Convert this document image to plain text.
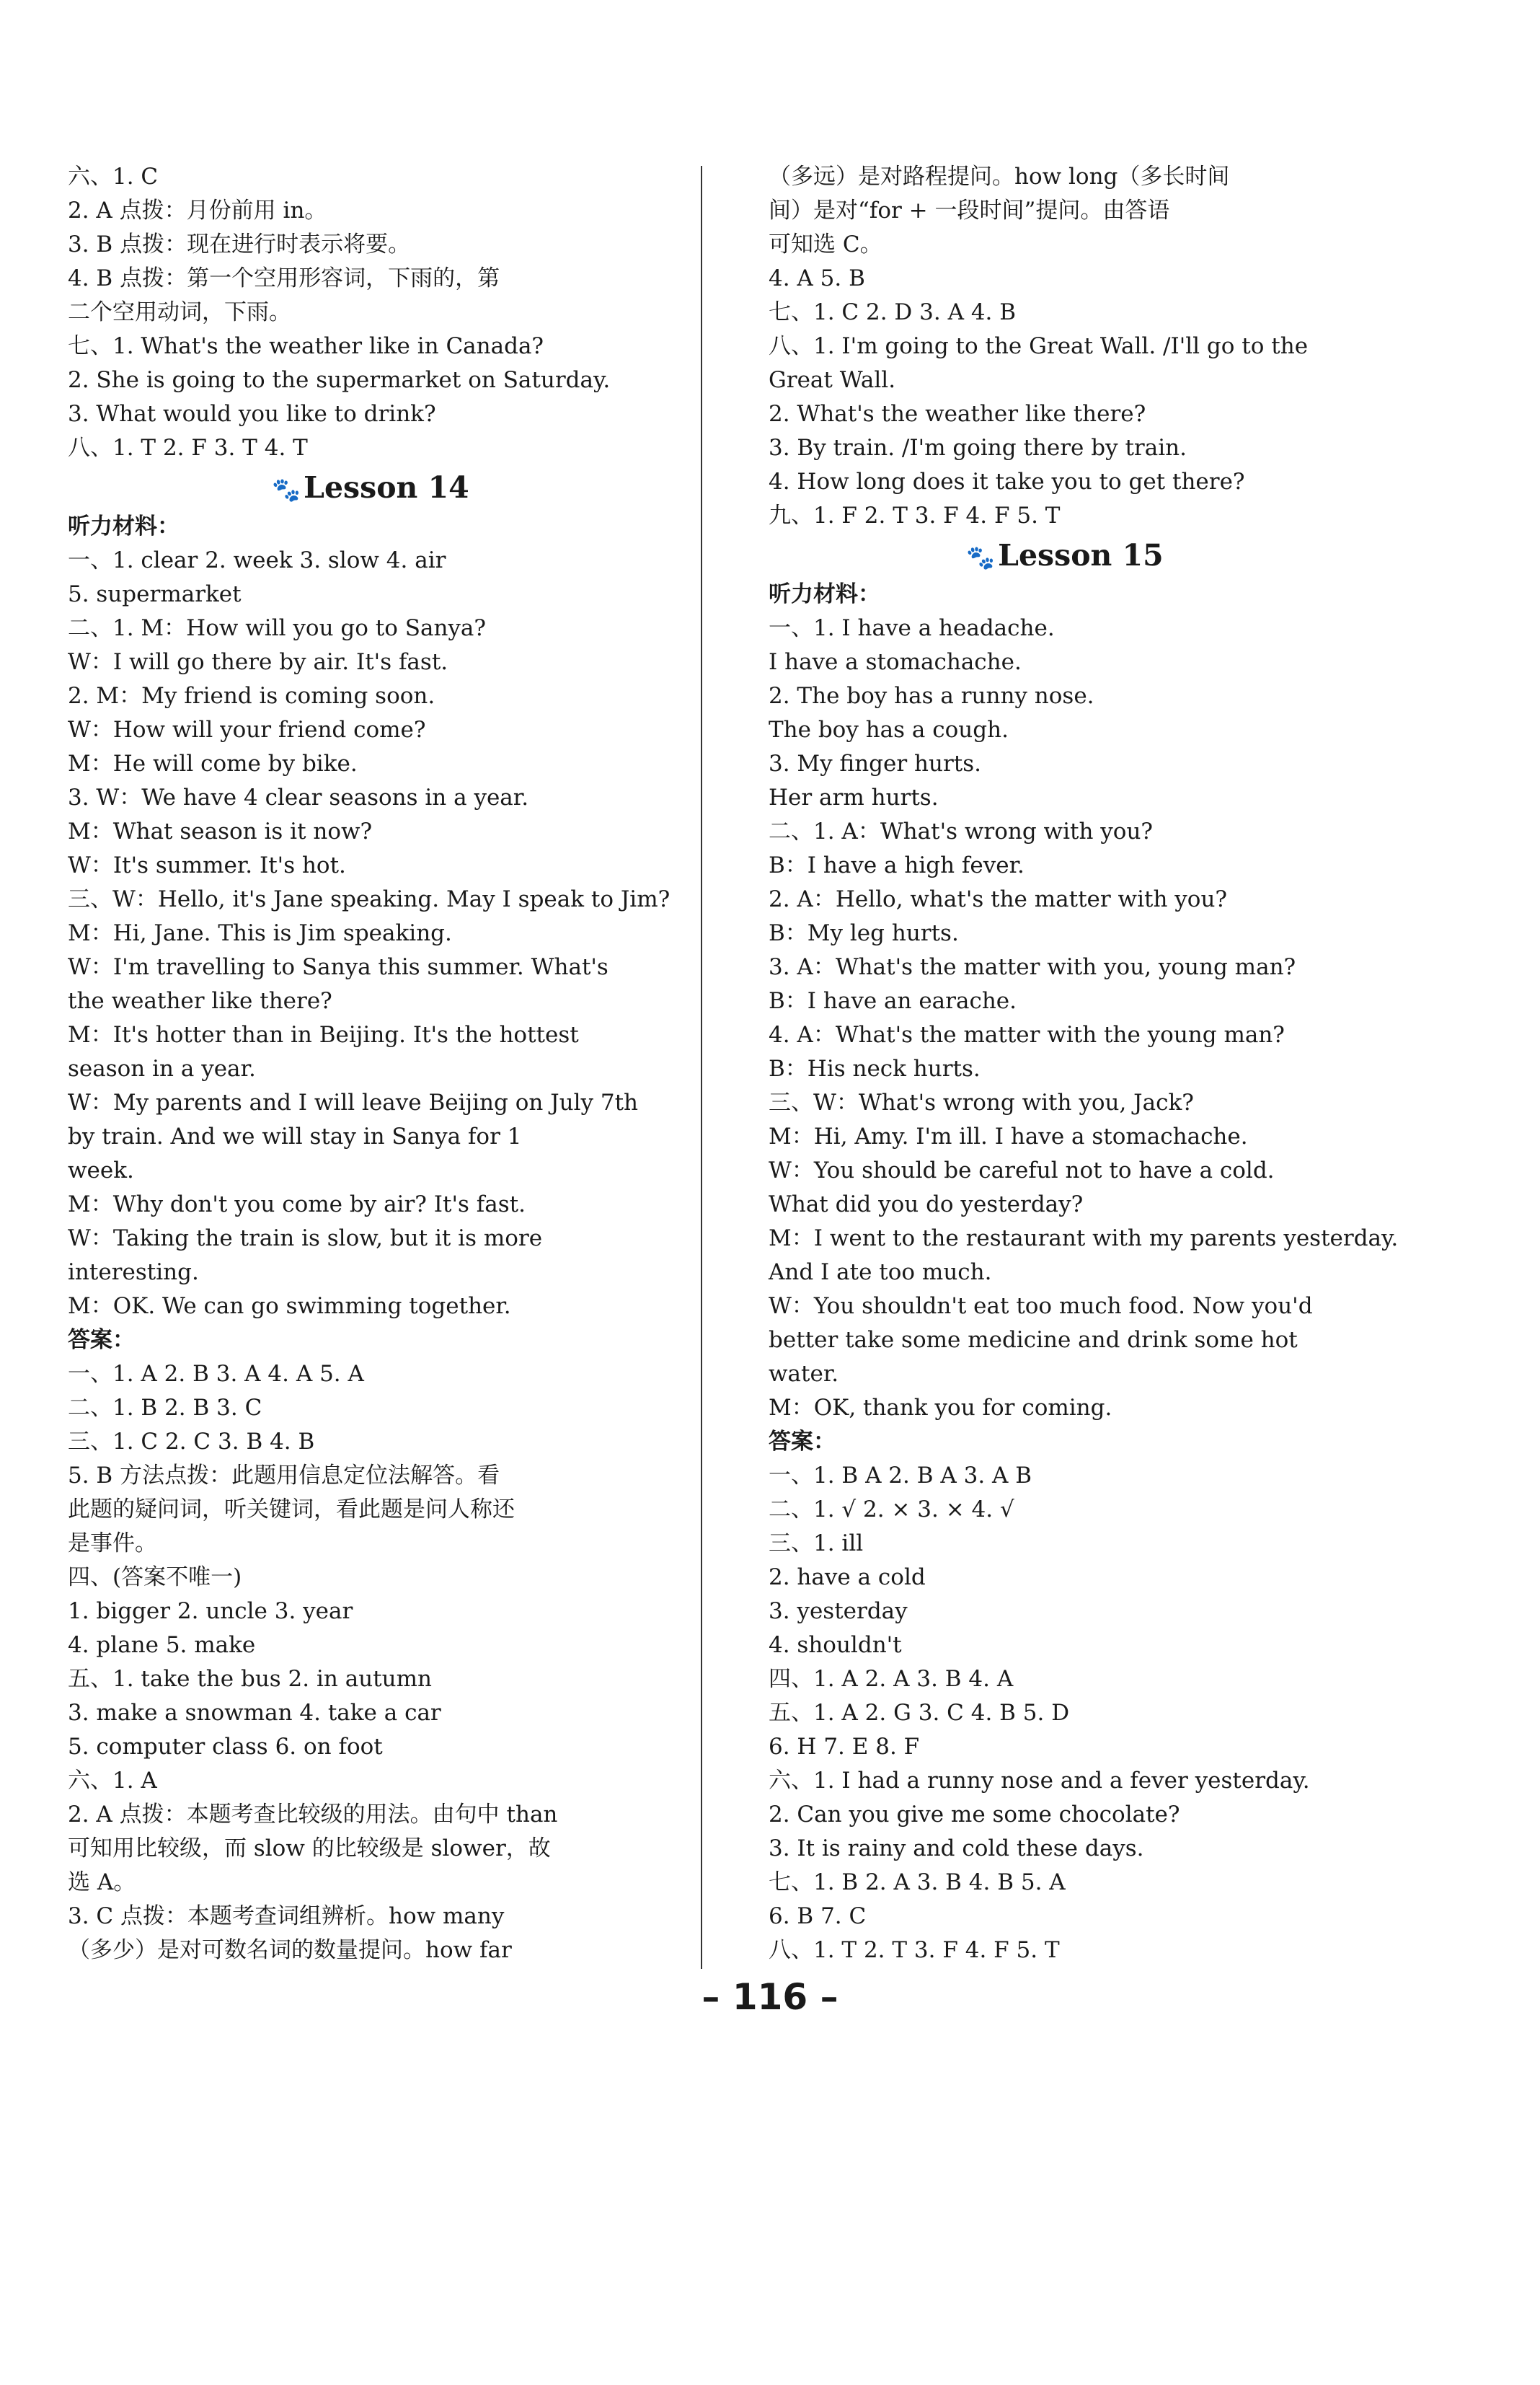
六、1. C
2. A 点拨：月份前用 in。
3. B 点拨：现在进行时表示将要。
4. B 点拨：第一个空用形容词，下雨的，第
二个空用动词，下雨。
七、1. What's the weather like in Canada?
2. She is going to the supermarket on Saturday.
3. What would you like to drink?
八、1. T 2. F 3. T 4. T
🐾Lesson 14
听力材料：
一、1. clear 2. week 3. slow 4. air
5. supermarket
二、1. M：How will you go to Sanya?
W：I will go there by air. It's fast.
2. M：My friend is coming soon.
W：How will your friend come?
M：He will come by bike.
3. W：We have 4 clear seasons in a year.
M：What season is it now?
W：It's summer. It's hot.
三、W：Hello, it's Jane speaking. May I speak to Jim?
M：Hi, Jane. This is Jim speaking.
W：I'm travelling to Sanya this summer. What's
the weather like there?
M：It's hotter than in Beijing. It's the hottest
season in a year.
W：My parents and I will leave Beijing on July 7th
by train. And we will stay in Sanya for 1
week.
M：Why don't you come by air? It's fast.
W：Taking the train is slow, but it is more
interesting.
M：OK. We can go swimming together.
答案：
一、1. A 2. B 3. A 4. A 5. A
二、1. B 2. B 3. C
三、1. C 2. C 3. B 4. B
5. B 方法点拨：此题用信息定位法解答。看
此题的疑问词，听关键词，看此题是问人称还
是事件。
四、(答案不唯一)
1. bigger 2. uncle 3. year
4. plane 5. make
五、1. take the bus 2. in autumn
3. make a snowman 4. take a car
5. computer class 6. on foot
六、1. A
2. A 点拨：本题考查比较级的用法。由句中 than
可知用比较级，而 slow 的比较级是 slower，故
选 A。
3. C 点拨：本题考查词组辨析。how many
（多少）是对可数名词的数量提问。how far
（多远）是对路程提问。how long（多长时间
间）是对“for + 一段时间”提问。由答语
可知选 C。
4. A 5. B
七、1. C 2. D 3. A 4. B
八、1. I'm going to the Great Wall. /I'll go to the
Great Wall.
2. What's the weather like there?
3. By train. /I'm going there by train.
4. How long does it take you to get there?
九、1. F 2. T 3. F 4. F 5. T
🐾Lesson 15
听力材料：
一、1. I have a headache.
I have a stomachache.
2. The boy has a runny nose.
The boy has a cough.
3. My finger hurts.
Her arm hurts.
二、1. A：What's wrong with you?
B：I have a high fever.
2. A：Hello, what's the matter with you?
B：My leg hurts.
3. A：What's the matter with you, young man?
B：I have an earache.
4. A：What's the matter with the young man?
B：His neck hurts.
三、W：What's wrong with you, Jack?
M：Hi, Amy. I'm ill. I have a stomachache.
W：You should be careful not to have a cold.
What did you do yesterday?
M：I went to the restaurant with my parents yesterday.
And I ate too much.
W：You shouldn't eat too much food. Now you'd
better take some medicine and drink some hot
water.
M：OK, thank you for coming.
答案：
一、1. B A 2. B A 3. A B
二、1. √ 2. × 3. × 4. √
三、1. ill
2. have a cold
3. yesterday
4. shouldn't
四、1. A 2. A 3. B 4. A
五、1. A 2. G 3. C 4. B 5. D
6. H 7. E 8. F
六、1. I had a runny nose and a fever yesterday.
2. Can you give me some chocolate?
3. It is rainy and cold these days.
七、1. B 2. A 3. B 4. B 5. A
6. B 7. C
八、1. T 2. T 3. F 4. F 5. T
– 116 –
